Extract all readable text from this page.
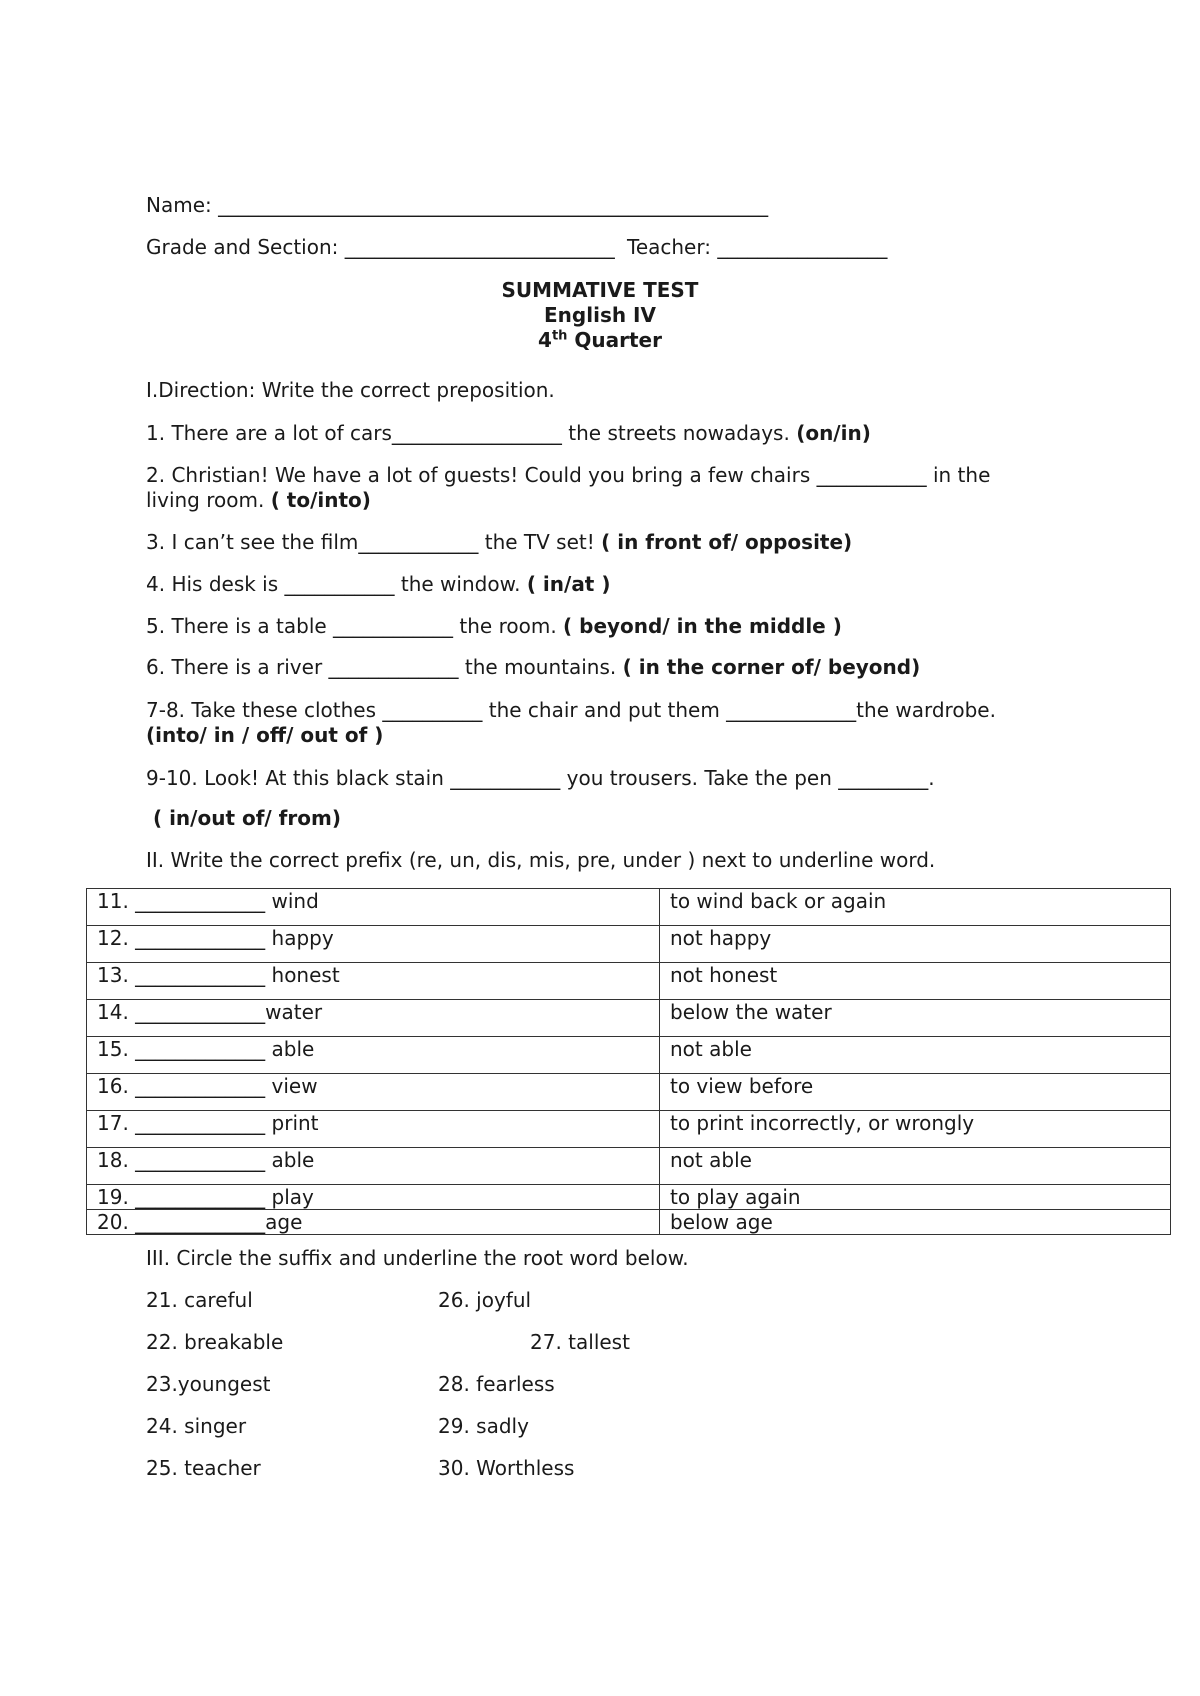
Name: _______________________________________________________
Grade and Section: ___________________________ Teacher: _________________
SUMMATIVE TEST
English IV
4th Quarter
I.Direction: Write the correct preposition.
1. There are a lot of cars_________________ the streets nowadays. (on/in)
2. Christian! We have a lot of guests! Could you bring a few chairs ___________ in the
living room. ( to/into)
3. I can’t see the film____________ the TV set! ( in front of/ opposite)
4. His desk is ___________ the window. ( in/at )
5. There is a table ____________ the room. ( beyond/ in the middle )
6. There is a river _____________ the mountains. ( in the corner of/ beyond)
7-8. Take these clothes __________ the chair and put them _____________the wardrobe.
(into/ in / off/ out of )
9-10. Look! At this black stain ___________ you trousers. Take the pen _________.
( in/out of/ from)
II. Write the correct prefix (re, un, dis, mis, pre, under ) next to underline word.
11. _____________ wind	to wind back or again
12. _____________ happy	not happy
13. _____________ honest	not honest
14. _____________water	below the water
15. _____________ able	not able
16. _____________ view	to view before
17. _____________ print	to print incorrectly, or wrongly
18. _____________ able	not able
19. _____________ play	to play again
20. _____________age	below age
III. Circle the suffix and underline the root word below.
21. careful	26. joyful
22. breakable	27. tallest
23.youngest	28. fearless
24. singer	29. sadly
25. teacher	30. Worthless
